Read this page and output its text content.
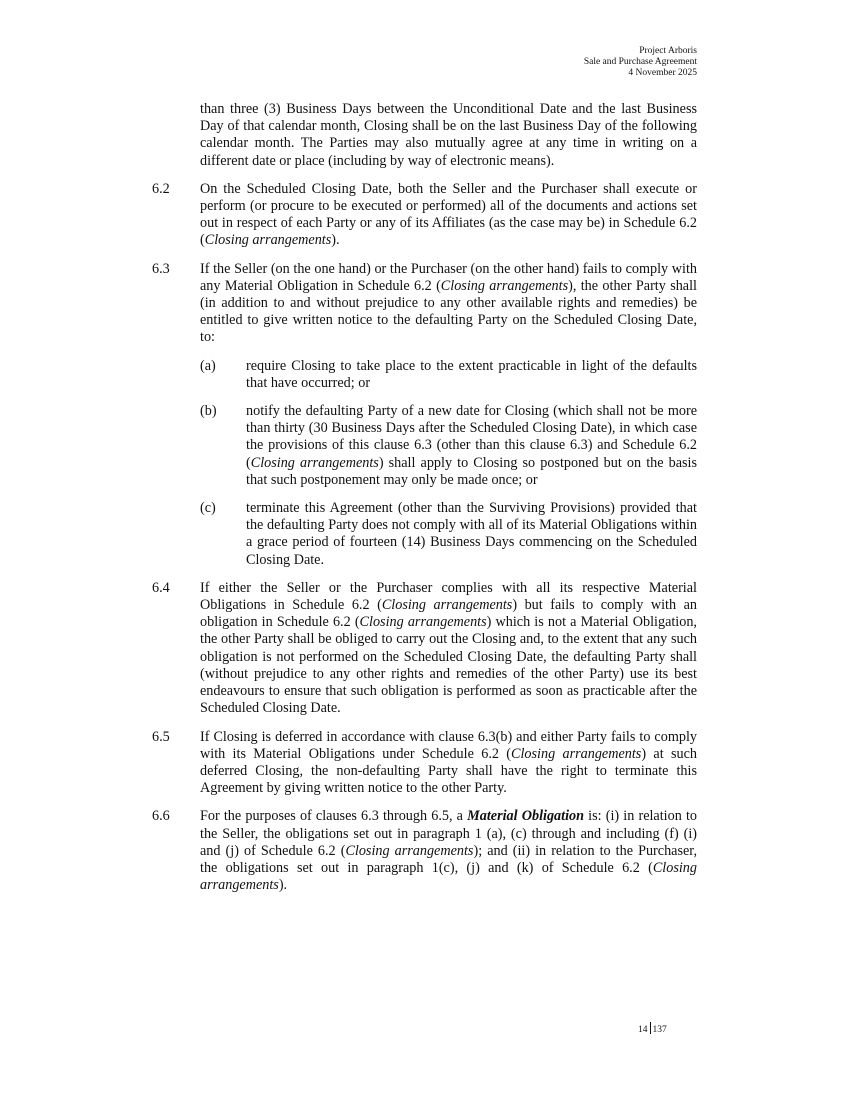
Project Arboris
Sale and Purchase Agreement
4 November 2025
than three (3) Business Days between the Unconditional Date and the last Business Day of that calendar month, Closing shall be on the last Business Day of the following calendar month. The Parties may also mutually agree at any time in writing on a different date or place (including by way of electronic means).
6.2 On the Scheduled Closing Date, both the Seller and the Purchaser shall execute or perform (or procure to be executed or performed) all of the documents and actions set out in respect of each Party or any of its Affiliates (as the case may be) in Schedule 6.2 (Closing arrangements).
6.3 If the Seller (on the one hand) or the Purchaser (on the other hand) fails to comply with any Material Obligation in Schedule 6.2 (Closing arrangements), the other Party shall (in addition to and without prejudice to any other available rights and remedies) be entitled to give written notice to the defaulting Party on the Scheduled Closing Date, to:
(a) require Closing to take place to the extent practicable in light of the defaults that have occurred; or
(b) notify the defaulting Party of a new date for Closing (which shall not be more than thirty (30 Business Days after the Scheduled Closing Date), in which case the provisions of this clause 6.3 (other than this clause 6.3) and Schedule 6.2 (Closing arrangements) shall apply to Closing so postponed but on the basis that such postponement may only be made once; or
(c) terminate this Agreement (other than the Surviving Provisions) provided that the defaulting Party does not comply with all of its Material Obligations within a grace period of fourteen (14) Business Days commencing on the Scheduled Closing Date.
6.4 If either the Seller or the Purchaser complies with all its respective Material Obligations in Schedule 6.2 (Closing arrangements) but fails to comply with an obligation in Schedule 6.2 (Closing arrangements) which is not a Material Obligation, the other Party shall be obliged to carry out the Closing and, to the extent that any such obligation is not performed on the Scheduled Closing Date, the defaulting Party shall (without prejudice to any other rights and remedies of the other Party) use its best endeavours to ensure that such obligation is performed as soon as practicable after the Scheduled Closing Date.
6.5 If Closing is deferred in accordance with clause 6.3(b) and either Party fails to comply with its Material Obligations under Schedule 6.2 (Closing arrangements) at such deferred Closing, the non-defaulting Party shall have the right to terminate this Agreement by giving written notice to the other Party.
6.6 For the purposes of clauses 6.3 through 6.5, a Material Obligation is: (i) in relation to the Seller, the obligations set out in paragraph 1 (a), (c) through and including (f) (i) and (j) of Schedule 6.2 (Closing arrangements); and (ii) in relation to the Purchaser, the obligations set out in paragraph 1(c), (j) and (k) of Schedule 6.2 (Closing arrangements).
14 137
